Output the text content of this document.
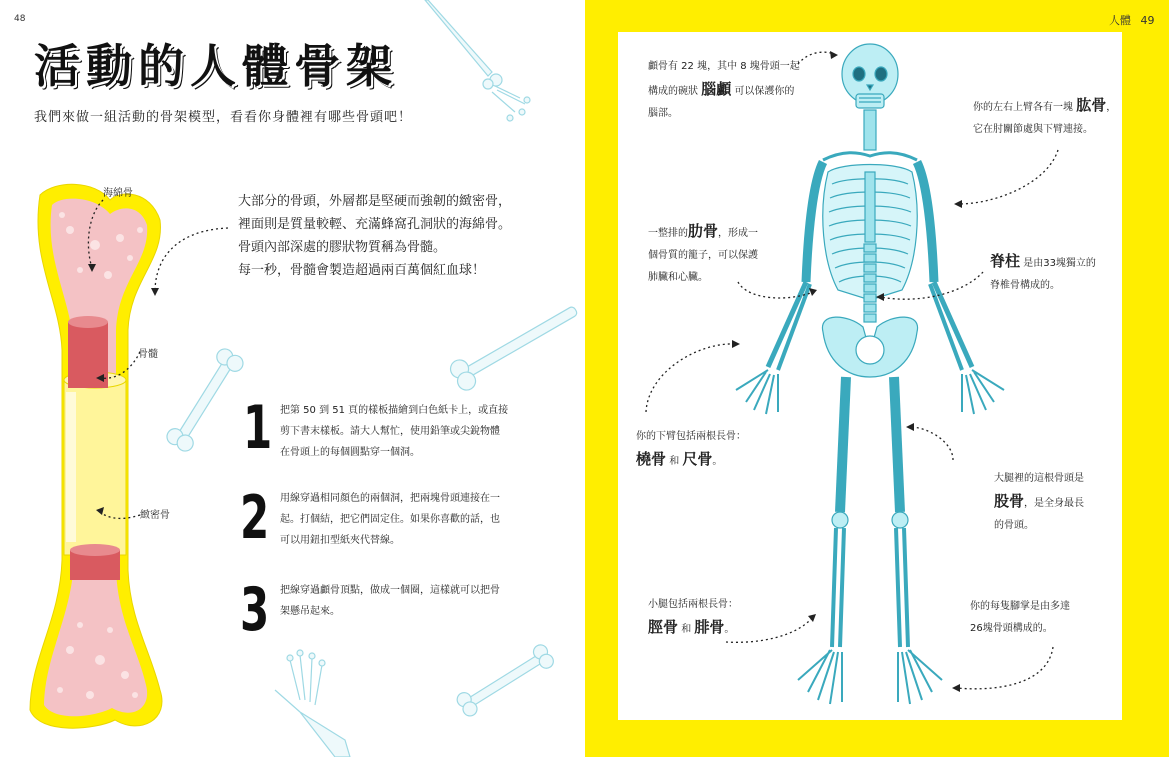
48
活動的人體骨架
我們來做一組活動的骨架模型，看看你身體裡有哪些骨頭吧！
海綿骨
骨髓
緻密骨
大部分的骨頭，外層都是堅硬而強韌的緻密骨，
裡面則是質量較輕、充滿蜂窩孔洞狀的海綿骨。
骨頭內部深處的膠狀物質稱為骨髓。
每一秒，骨髓會製造超過兩百萬個紅血球！
1 把第 50 到 51 頁的樣板描繪到白色紙卡上，或直接
剪下書末樣板。請大人幫忙，使用鉛筆或尖銳物體
在骨頭上的每個圓點穿一個洞。
2 用線穿過相同顏色的兩個洞，把兩塊骨頭連接在一
起。打個結，把它們固定住。如果你喜歡的話，也
可以用鈕扣型紙夾代替線。
3 把線穿過顱骨頂點，做成一個圈，這樣就可以把骨
架懸吊起來。
人體 49
顱骨有 22 塊，其中 8 塊骨頭一起
構成的碗狀 腦顱 可以保護你的
腦部。
你的左右上臂各有一塊 肱骨，
它在肘關節處與下臂連接。
一整排的肋骨，形成一
個骨質的籠子，可以保護
肺臟和心臟。
脊柱 是由33塊獨立的
脊椎骨構成的。
你的下臂包括兩根長骨：
橈骨 和 尺骨。
大腿裡的這根骨頭是
股骨，是全身最長
的骨頭。
小腿包括兩根長骨：
脛骨 和 腓骨。
你的每隻腳掌是由多達
26塊骨頭構成的。
